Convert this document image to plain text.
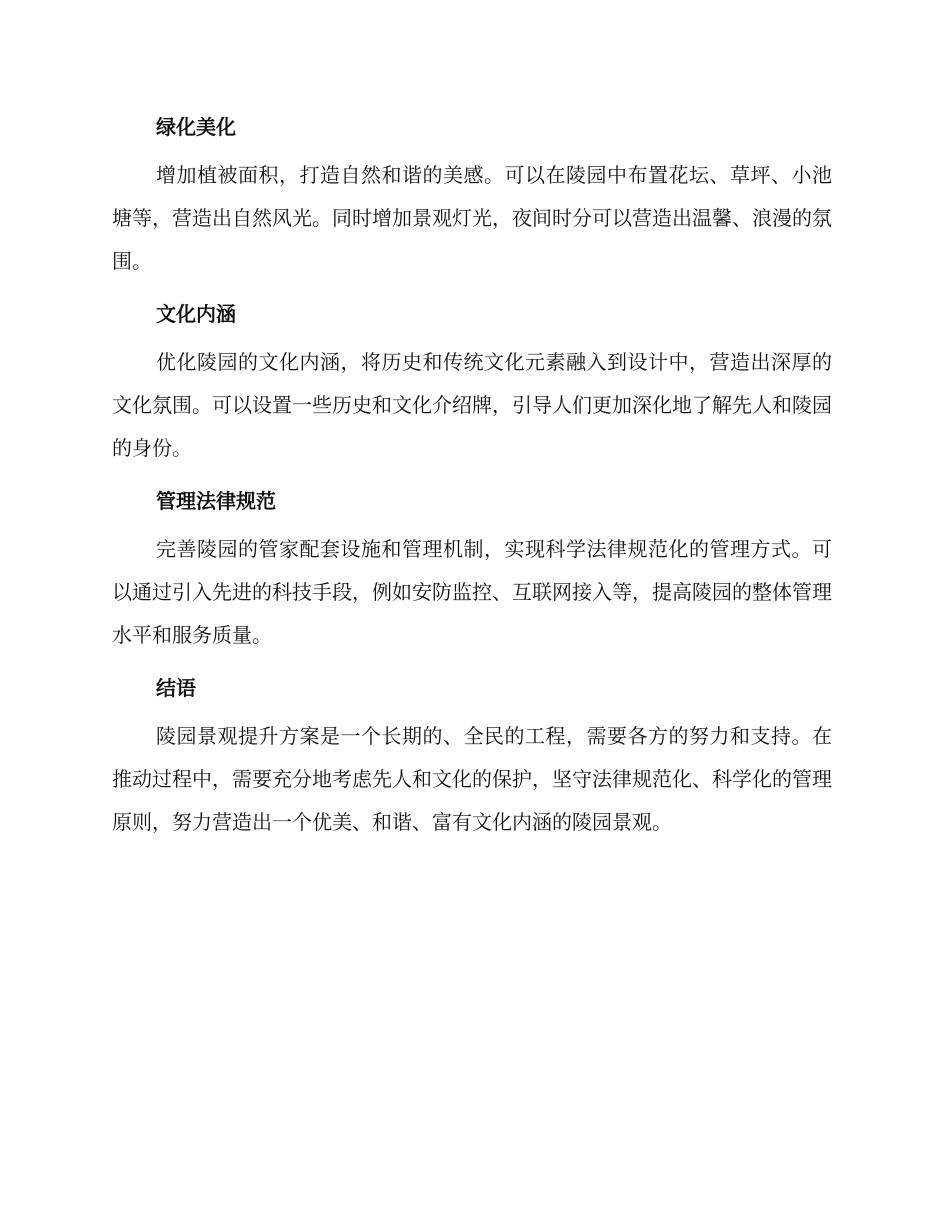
绿化美化

增加植被面积，打造自然和谐的美感。可以在陵园中布置花坛、草坪、小池塘等，营造出自然风光。同时增加景观灯光，夜间时分可以营造出温馨、浪漫的氛围。

文化内涵

优化陵园的文化内涵，将历史和传统文化元素融入到设计中，营造出深厚的文化氛围。可以设置一些历史和文化介绍牌，引导人们更加深化地了解先人和陵园的身份。

管理法律规范

完善陵园的管家配套设施和管理机制，实现科学法律规范化的管理方式。可以通过引入先进的科技手段，例如安防监控、互联网接入等，提高陵园的整体管理水平和服务质量。

结语

陵园景观提升方案是一个长期的、全民的工程，需要各方的努力和支持。在推动过程中，需要充分地考虑先人和文化的保护，坚守法律规范化、科学化的管理原则，努力营造出一个优美、和谐、富有文化内涵的陵园景观。
